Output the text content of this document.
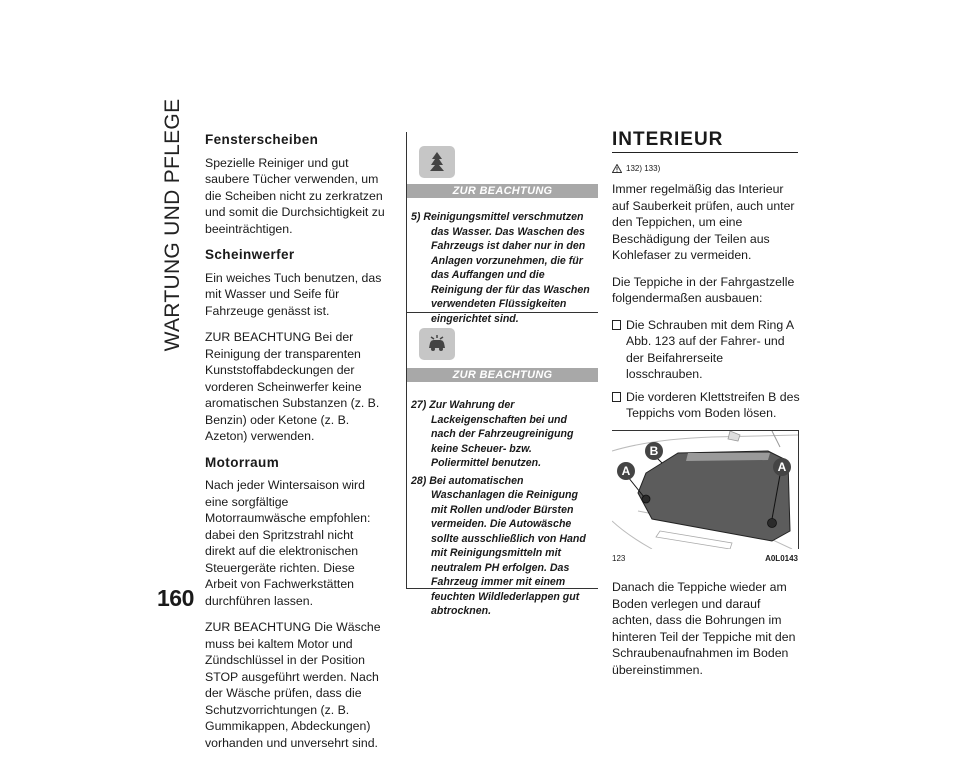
WARTUNG UND PFLEGE
160
Fensterscheiben

Spezielle Reiniger und gut saubere Tücher verwenden, um die Scheiben nicht zu zerkratzen und somit die Durchsichtigkeit zu beeinträchtigen.

Scheinwerfer

Ein weiches Tuch benutzen, das mit Wasser und Seife für Fahrzeuge genässt ist.

ZUR BEACHTUNG Bei der Reinigung der transparenten Kunststoffabdeckungen der vorderen Scheinwerfer keine aromatischen Substanzen (z. B. Benzin) oder Ketone (z. B. Azeton) verwenden.

Motorraum

Nach jeder Wintersaison wird eine sorgfältige Motorraumwäsche empfohlen: dabei den Spritzstrahl nicht direkt auf die elektronischen Steuergeräte richten. Diese Arbeit von Fachwerkstätten durchführen lassen.

ZUR BEACHTUNG Die Wäsche muss bei kaltem Motor und Zündschlüssel in der Position STOP ausgeführt werden. Nach der Wäsche prüfen, dass die Schutzvorrichtungen (z. B. Gummikappen, Abdeckungen) vorhanden und unversehrt sind.

ZUR BEACHTUNG
5) Reinigungsmittel verschmutzen das Wasser. Das Waschen des Fahrzeugs ist daher nur in den Anlagen vorzunehmen, die für das Auffangen und die Reinigung der für das Waschen verwendeten Flüssigkeiten eingerichtet sind.
ZUR BEACHTUNG
27) Zur Wahrung der Lackeigenschaften bei und nach der Fahrzeugreinigung keine Scheuer- bzw. Poliermittel benutzen.
28) Bei automatischen Waschanlagen die Reinigung mit Rollen und/oder Bürsten vermeiden. Die Autowäsche sollte ausschließlich von Hand mit Reinigungsmitteln mit neutralem PH erfolgen. Das Fahrzeug immer mit einem feuchten Wildlederlappen gut abtrocknen.
INTERIEUR
132) 133)

Immer regelmäßig das Interieur auf Sauberkeit prüfen, auch unter den Teppichen, um eine Beschädigung der Teilen aus Kohlefaser zu vermeiden.

Die Teppiche in der Fahrgastzelle folgendermaßen ausbauen:

Die Schrauben mit dem Ring A Abb. 123 auf der Fahrer- und der Beifahrerseite losschrauben.
Die vorderen Klettstreifen B des Teppichs vom Boden lösen.
B
A	A
123	A0L0143

Danach die Teppiche wieder am Boden verlegen und darauf achten, dass die Bohrungen im hinteren Teil der Teppiche mit den Schraubenaufnahmen im Boden übereinstimmen.
